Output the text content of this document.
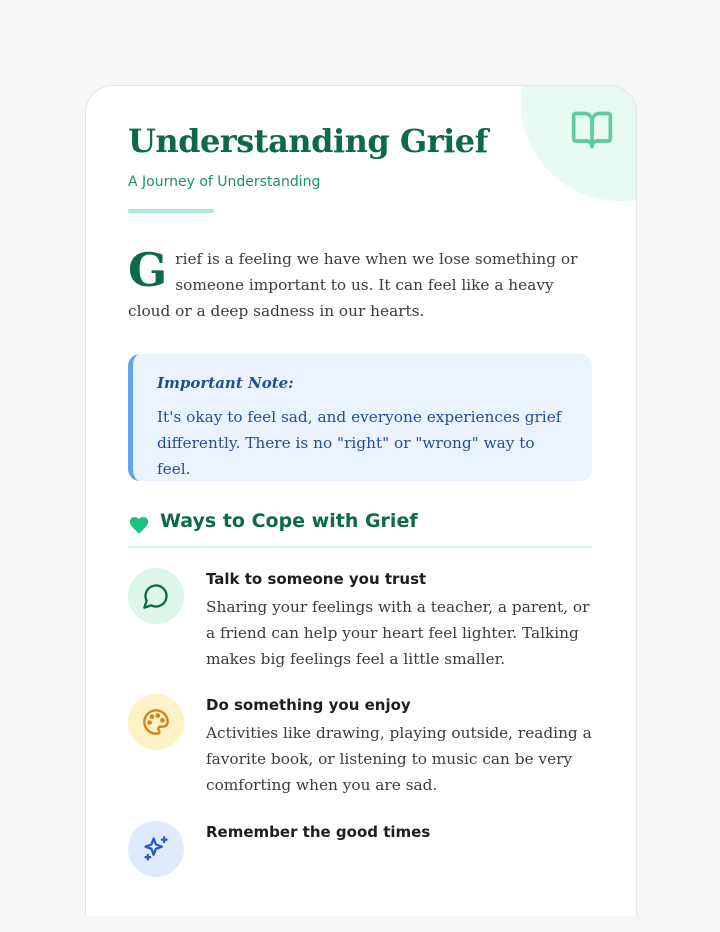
Understanding Grief
A Journey of Understanding

Grief is a feeling we have when we lose something or someone important to us. It can feel like a heavy cloud or a deep sadness in our hearts.

Important Note:

It's okay to feel sad, and everyone experiences grief differently. There is no "right" or "wrong" way to feel.

Ways to Cope with Grief
Talk to someone you trust

Sharing your feelings with a teacher, a parent, or a friend can help your heart feel lighter. Talking makes big feelings feel a little smaller.

Do something you enjoy

Activities like drawing, playing outside, reading a favorite book, or listening to music can be very comforting when you are sad.

Remember the good times
